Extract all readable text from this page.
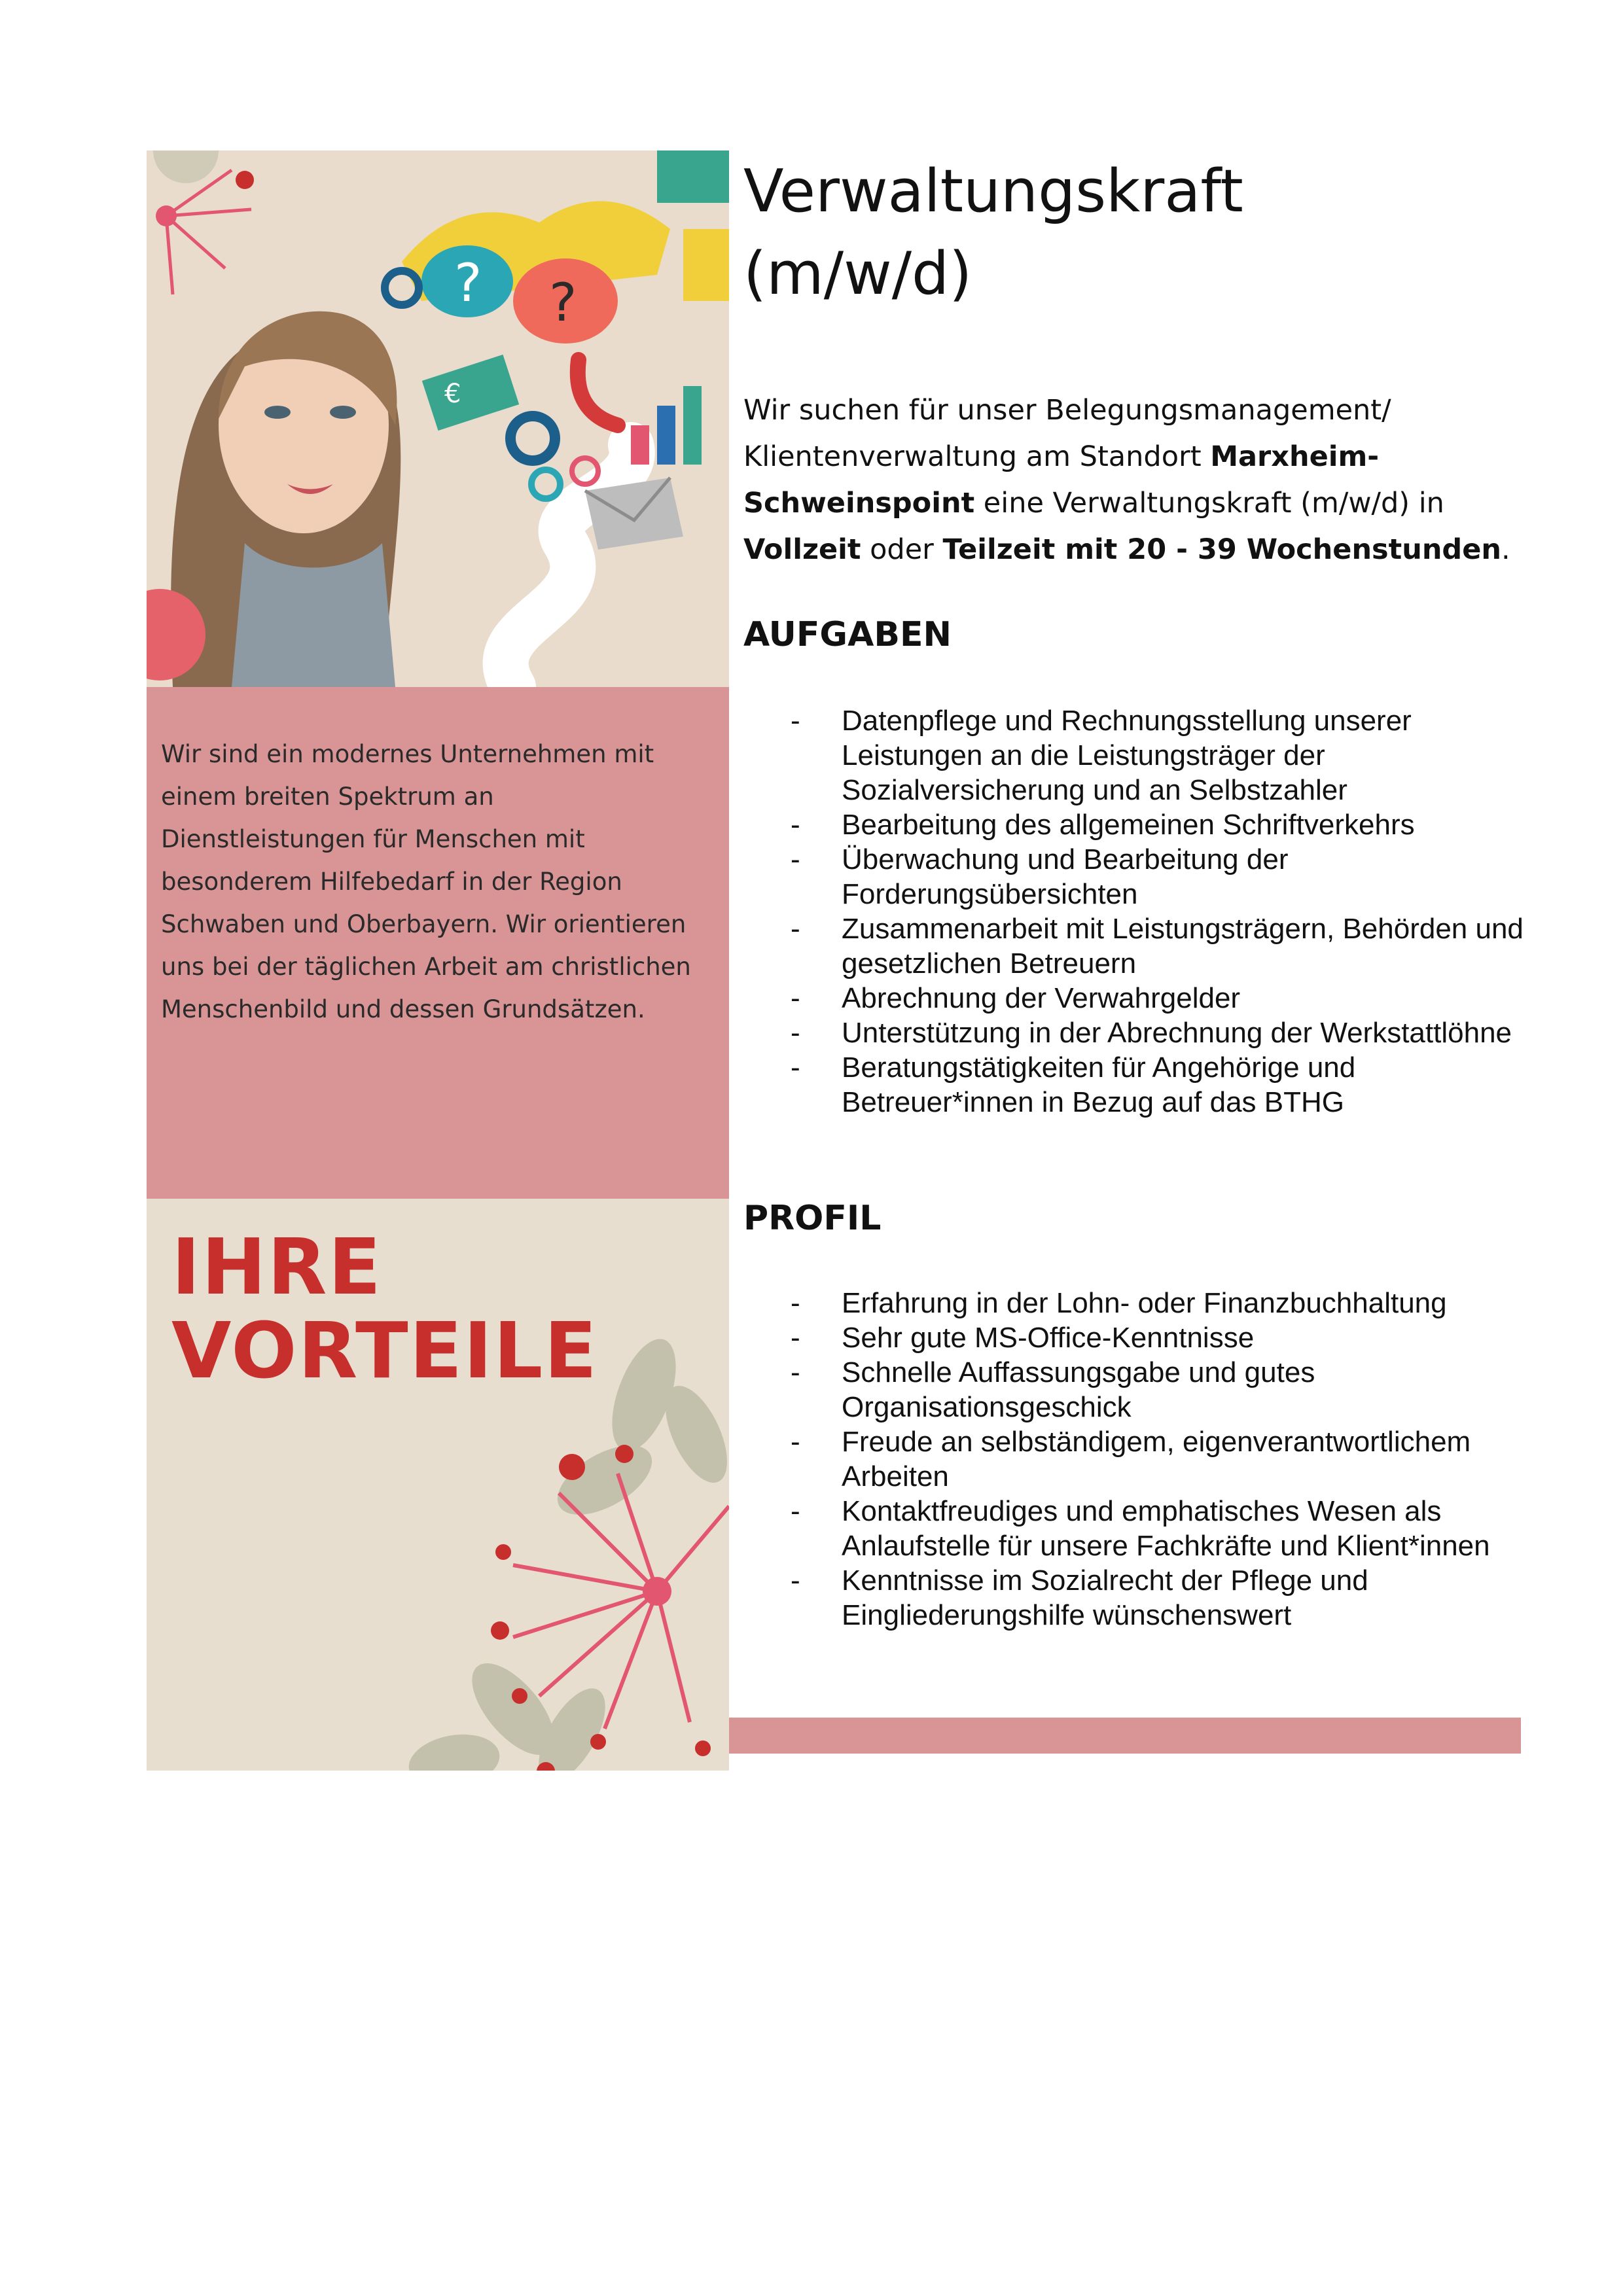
? ?
€

Wir sind ein modernes Unternehmen mit einem breiten Spektrum an Dienstleistungen für Menschen mit besonderem Hilfebedarf in der Region Schwaben und Oberbayern. Wir orientieren uns bei der täglichen Arbeit am christlichen Menschenbild und dessen Grundsätzen.

IHRE
VORTEILE
Verwaltungskraft
(m/w/d)

Wir suchen für unser Belegungsmanagement/ Klientenverwaltung am Standort Marxheim-Schweinspoint eine Verwaltungskraft (m/w/d) in Vollzeit oder Teilzeit mit 20 - 39 Wochenstunden.

AUFGABEN
- Datenpflege und Rechnungsstellung unserer Leistungen an die Leistungsträger der Sozialversicherung und an Selbstzahler
- Bearbeitung des allgemeinen Schriftverkehrs
- Überwachung und Bearbeitung der Forderungsübersichten
- Zusammenarbeit mit Leistungsträgern, Behörden und gesetzlichen Betreuern
- Abrechnung der Verwahrgelder
- Unterstützung in der Abrechnung der Werkstattlöhne
- Beratungstätigkeiten für Angehörige und Betreuer*innen in Bezug auf das BTHG
PROFIL
- Erfahrung in der Lohn- oder Finanzbuchhaltung
- Sehr gute MS-Office-Kenntnisse
- Schnelle Auffassungsgabe und gutes Organisationsgeschick
- Freude an selbständigem, eigenverantwortlichem Arbeiten
- Kontaktfreudiges und emphatisches Wesen als Anlaufstelle für unsere Fachkräfte und Klient*innen
- Kenntnisse im Sozialrecht der Pflege und Eingliederungshilfe wünschenswert
